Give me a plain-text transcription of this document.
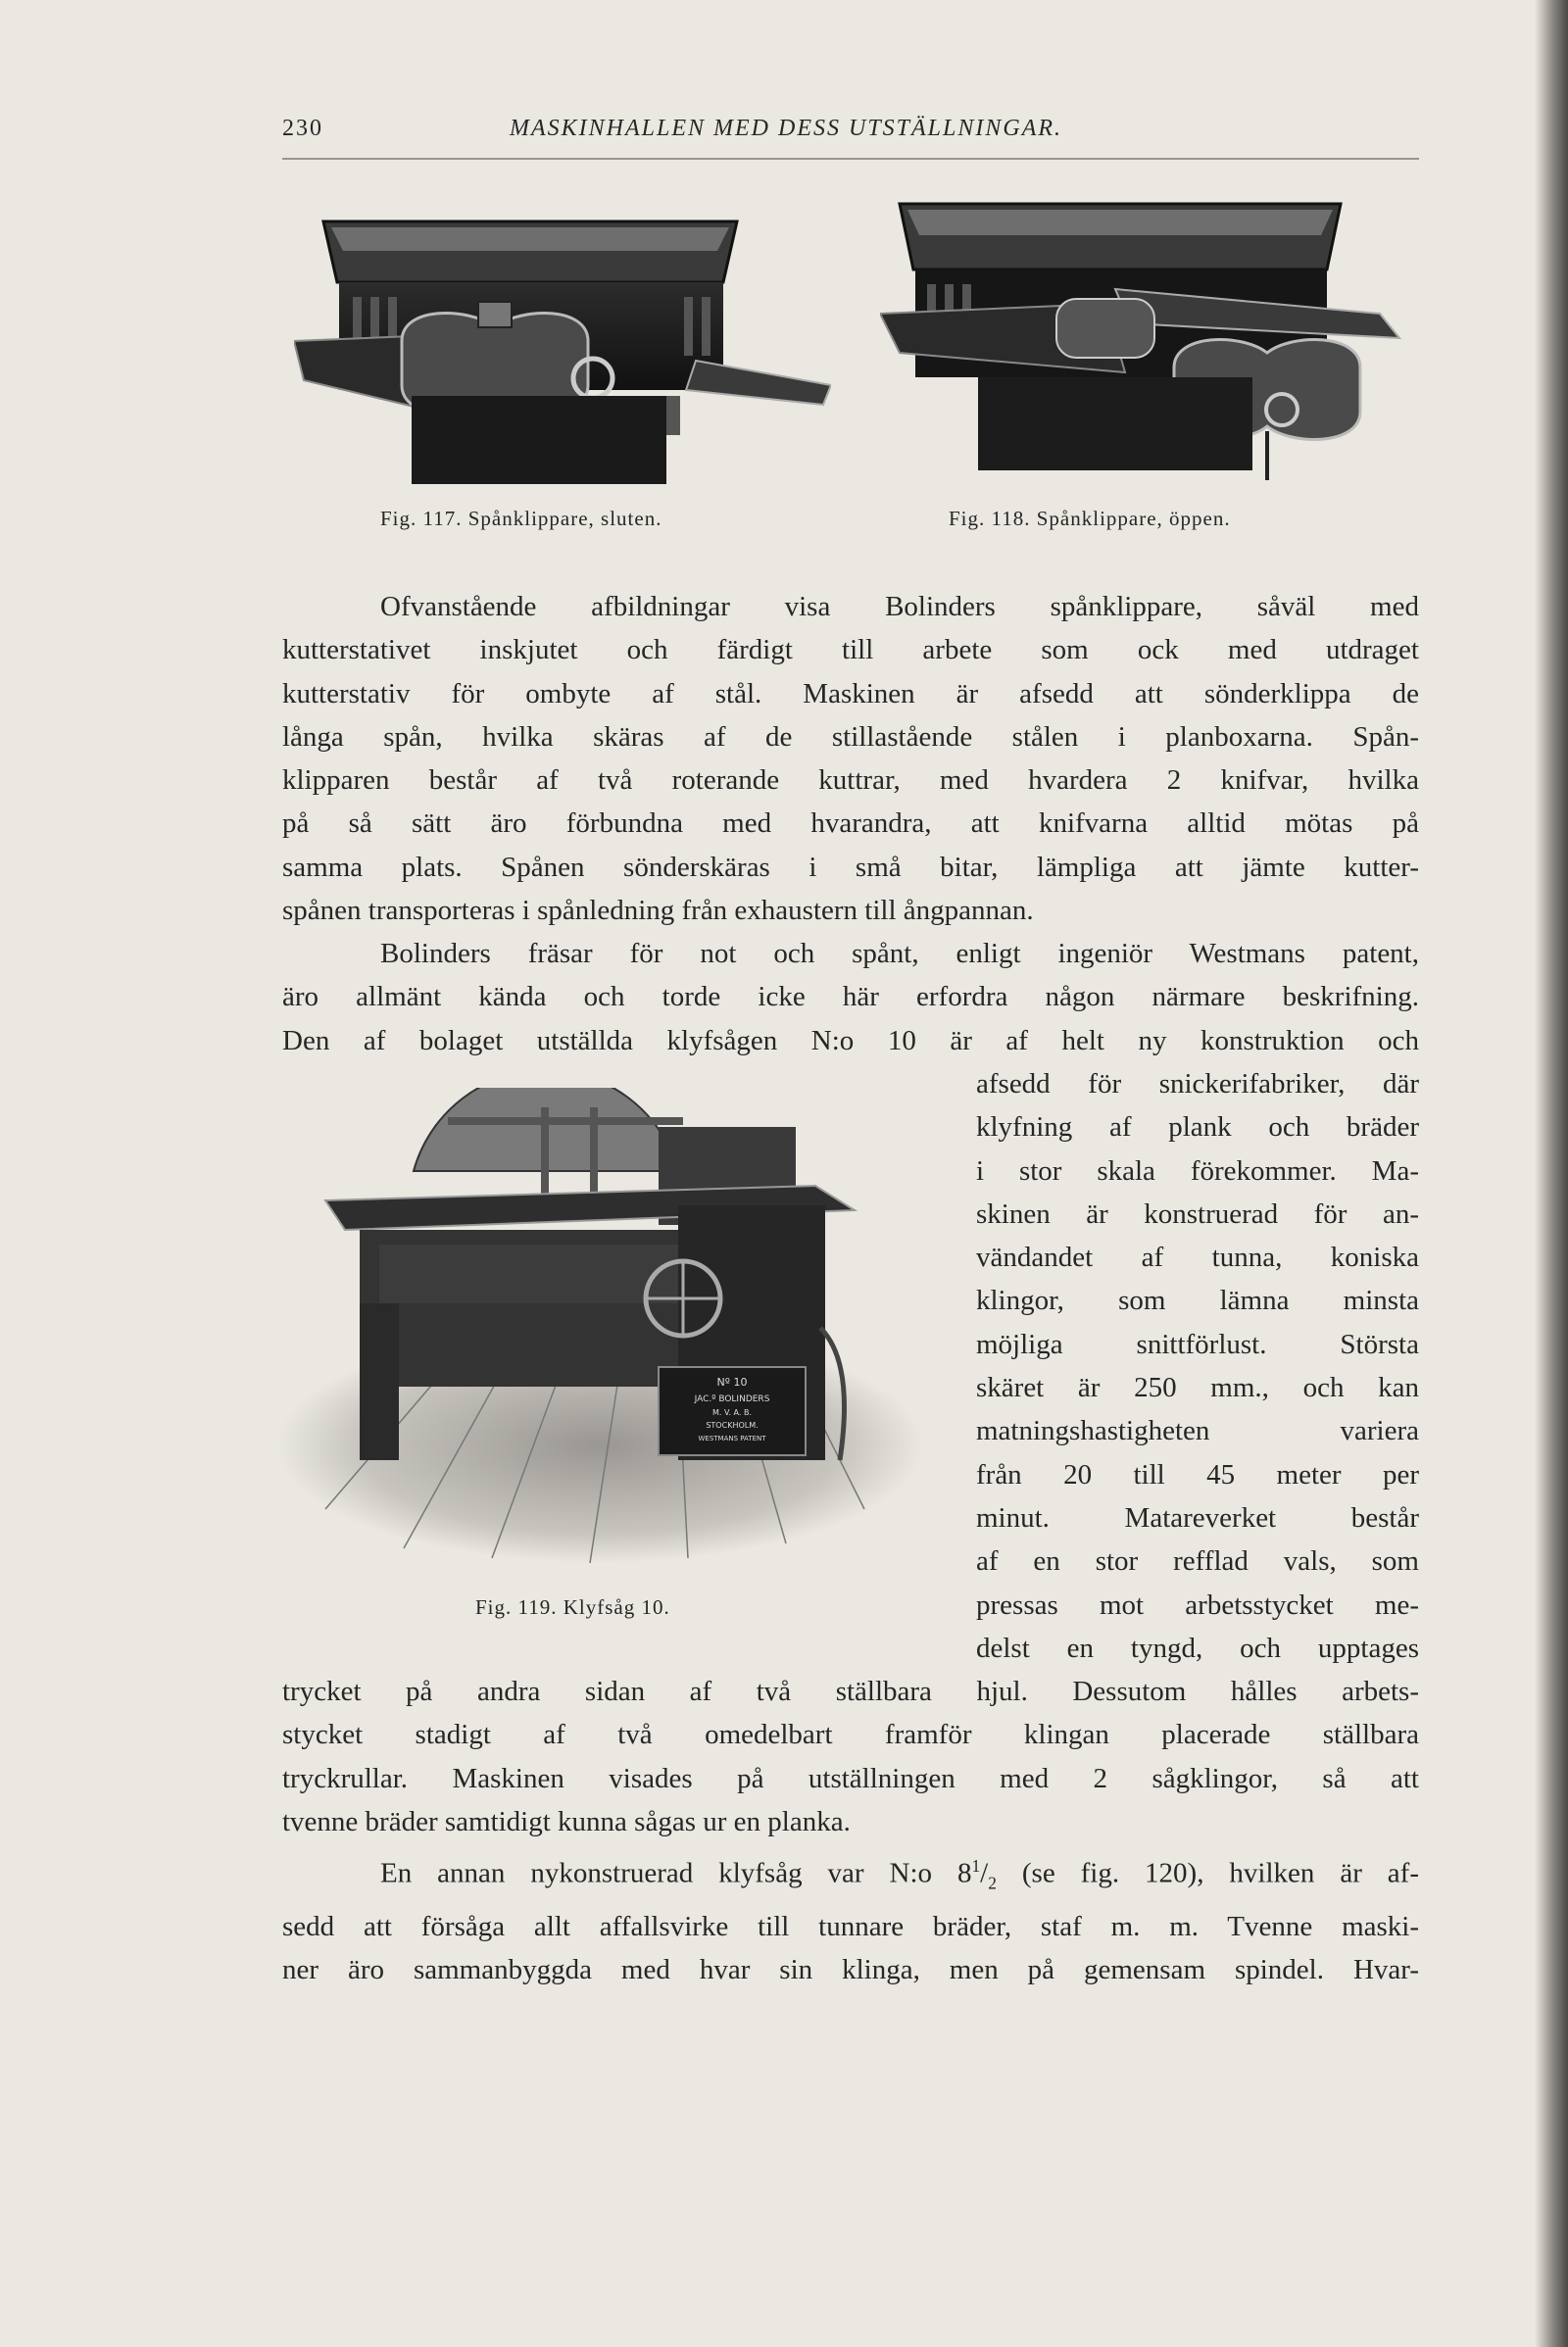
230	MASKINHALLEN MED DESS UTSTÄLLNINGAR.
Fig. 117. Spånklippare, sluten.	Fig. 118. Spånklippare, öppen.
Ofvanstående afbildningar visa Bolinders spånklippare, såväl med
kutterstativet inskjutet och färdigt till arbete som ock med utdraget
kutterstativ för ombyte af stål. Maskinen är afsedd att sönderklippa de
långa spån, hvilka skäras af de stillastående stålen i planboxarna. Spån-
klipparen består af två roterande kuttrar, med hvardera 2 knifvar, hvilka
på så sätt äro förbundna med hvarandra, att knifvarna alltid mötas på
samma plats. Spånen sönderskäras i små bitar, lämpliga att jämte kutter-
spånen transporteras i spånledning från exhaustern till ångpannan.
Bolinders fräsar för not och spånt, enligt ingeniör Westmans patent,
äro allmänt kända och torde icke här erfordra någon närmare beskrifning.
Den af bolaget utställda klyfsågen N:o 10 är af helt ny konstruktion och
Nº 10
JAC.º BOLINDERS
M. V. A. B.
STOCKHOLM.
WESTMANS PATENT
Fig. 119. Klyfsåg 10.
afsedd för snickerifabriker, där
klyfning af plank och bräder
i stor skala förekommer. Ma-
skinen är konstruerad för an-
vändandet af tunna, koniska
klingor, som lämna minsta
möjliga snittförlust. Största
skäret är 250 mm., och kan
matningshastigheten variera
från 20 till 45 meter per
minut. Matareverket består
af en stor refflad vals, som
pressas mot arbetsstycket me-
delst en tyngd, och upptages
trycket på andra sidan af två ställbara hjul. Dessutom hålles arbets-
stycket stadigt af två omedelbart framför klingan placerade ställbara
tryckrullar. Maskinen visades på utställningen med 2 sågklingor, så att
tvenne bräder samtidigt kunna sågas ur en planka.
En annan nykonstruerad klyfsåg var N:o $8^1/_2$ (se fig. 120), hvilken är af-
sedd att försåga allt affallsvirke till tunnare bräder, staf m. m. Tvenne maski-
ner äro sammanbyggda med hvar sin klinga, men på gemensam spindel. Hvar-
